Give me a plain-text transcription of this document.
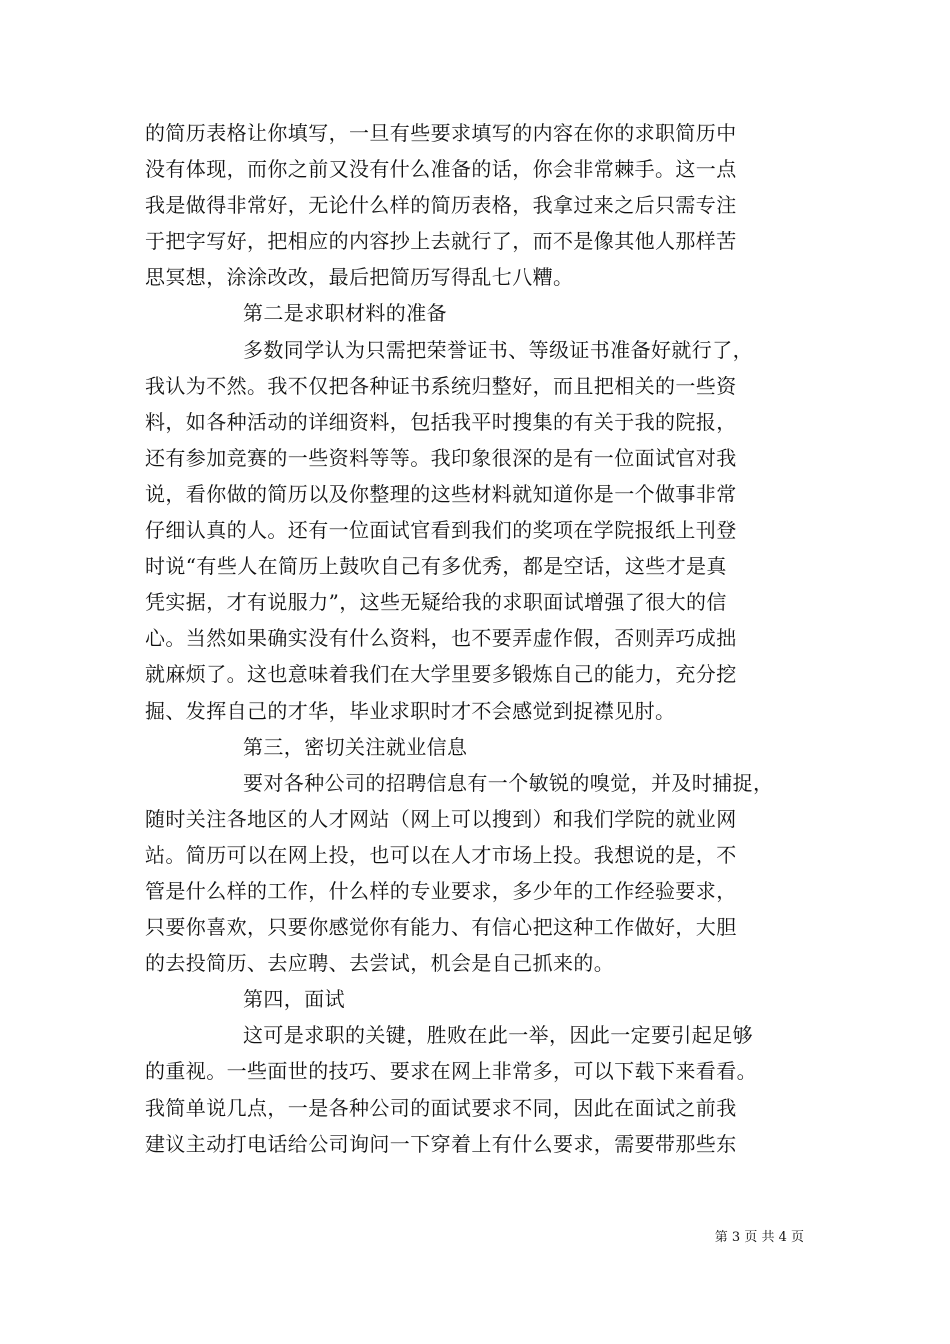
的简历表格让你填写，一旦有些要求填写的内容在你的求职简历中
没有体现，而你之前又没有什么准备的话，你会非常棘手。这一点
我是做得非常好，无论什么样的简历表格，我拿过来之后只需专注
于把字写好，把相应的内容抄上去就行了，而不是像其他人那样苦
思冥想，涂涂改改，最后把简历写得乱七八糟。
第二是求职材料的准备
多数同学认为只需把荣誉证书、等级证书准备好就行了，
我认为不然。我不仅把各种证书系统归整好，而且把相关的一些资
料，如各种活动的详细资料，包括我平时搜集的有关于我的院报，
还有参加竞赛的一些资料等等。我印象很深的是有一位面试官对我
说，看你做的简历以及你整理的这些材料就知道你是一个做事非常
仔细认真的人。还有一位面试官看到我们的奖项在学院报纸上刊登
时说“有些人在简历上鼓吹自己有多优秀，都是空话，这些才是真
凭实据，才有说服力”，这些无疑给我的求职面试增强了很大的信
心。当然如果确实没有什么资料，也不要弄虚作假，否则弄巧成拙
就麻烦了。这也意味着我们在大学里要多锻炼自己的能力，充分挖
掘、发挥自己的才华，毕业求职时才不会感觉到捉襟见肘。
第三，密切关注就业信息
要对各种公司的招聘信息有一个敏锐的嗅觉，并及时捕捉，
随时关注各地区的人才网站（网上可以搜到）和我们学院的就业网
站。简历可以在网上投，也可以在人才市场上投。我想说的是，不
管是什么样的工作，什么样的专业要求，多少年的工作经验要求，
只要你喜欢，只要你感觉你有能力、有信心把这种工作做好，大胆
的去投简历、去应聘、去尝试，机会是自己抓来的。
第四，面试
这可是求职的关键，胜败在此一举，因此一定要引起足够
的重视。一些面世的技巧、要求在网上非常多，可以下载下来看看。
我简单说几点，一是各种公司的面试要求不同，因此在面试之前我
建议主动打电话给公司询问一下穿着上有什么要求，需要带那些东
第 3 页 共 4 页
